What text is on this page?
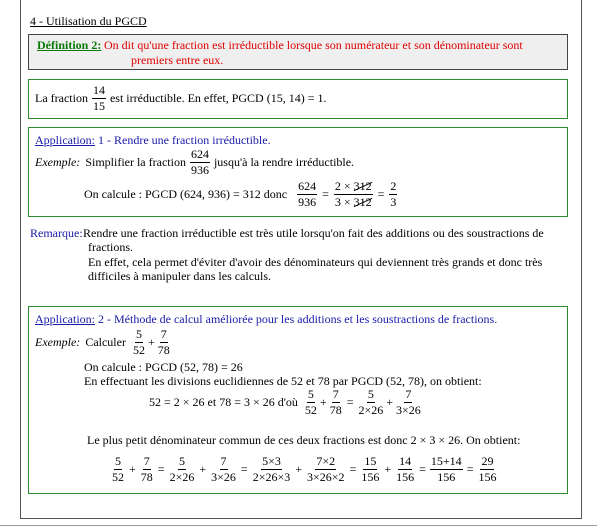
4 - Utilisation du PGCD
Définition 2: On dit qu'une fraction est irréductible lorsque son numérateur et son dénominateur sont
premiers entre eux.
La fraction $\frac{14}{15}$ est irréductible. En effet, PGCD (15, 14) = 1.
Application: 1 - Rendre une fraction irréductible.
Exemple: Simplifier la fraction $\frac{624}{936}$ jusqu'à la rendre irréductible.
On calcule : PGCD (624, 936) = 312 donc $\frac{624}{936} = \frac{2 \times 312}{3 \times 312} = \frac{2}{3}$
Remarque: Rendre une fraction irréductible est très utile lorsqu'on fait des additions ou des soustractions de
fractions.
En effet, cela permet d'éviter d'avoir des dénominateurs qui deviennent très grands et donc très
difficiles à manipuler dans les calculs.
Application: 2 - Méthode de calcul améliorée pour les additions et les soustractions de fractions.
Exemple: Calculer $\frac{5}{52} + \frac{7}{78}$
On calcule : PGCD (52, 78) = 26
En effectuant les divisions euclidiennes de 52 et 78 par PGCD (52, 78), on obtient:
52 = 2 × 26 et 78 = 3 × 26 d'où $\frac{5}{52} + \frac{7}{78} = \frac{5}{2\times 26} + \frac{7}{3\times 26}$
Le plus petit dénominateur commun de ces deux fractions est donc 2 × 3 × 26. On obtient:
$\frac{5}{52} + \frac{7}{78} = \frac{5}{2\times 26} + \frac{7}{3\times 26} = \frac{5\times 3}{2\times 26\times 3} + \frac{7\times 2}{3\times 26\times 2} = \frac{15}{156} + \frac{14}{156} = \frac{15+14}{156} = \frac{29}{156}$
